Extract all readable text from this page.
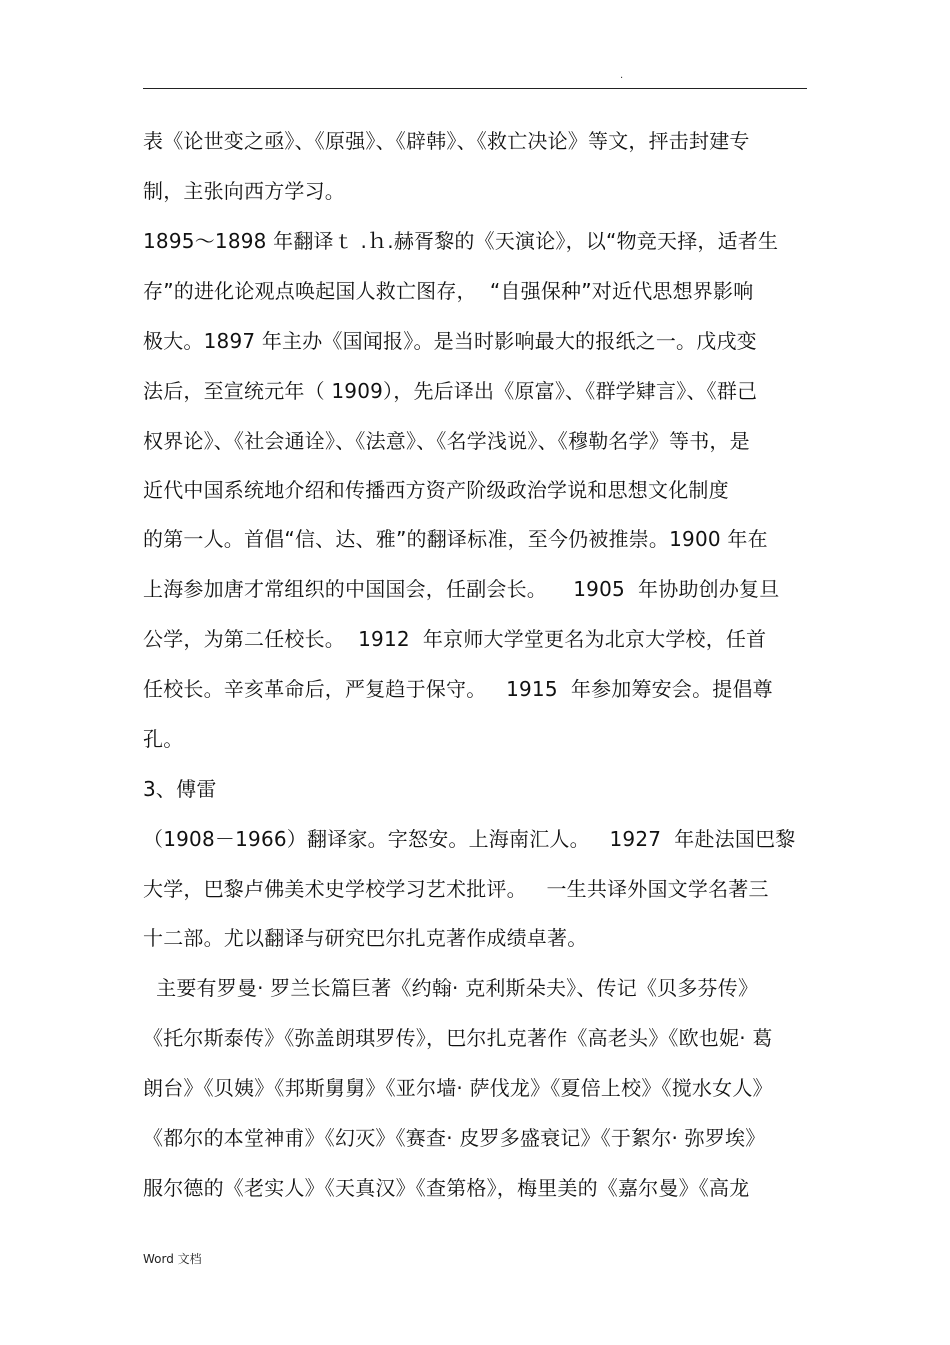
.
表《论世变之亟》、《原强》、《辟韩》、《救亡决论》等文，抨击封建专
制，主张向西方学习。
1895～1898 年翻译ｔ .ｈ.赫胥黎的《天演论》，以“物竞天择，适者生
存”的进化论观点唤起国人救亡图存，  “自强保种”对近代思想界影响
极大。1897 年主办《国闻报》。是当时影响最大的报纸之一。戊戌变
法后，至宣统元年（ 1909），先后译出《原富》、《群学肄言》、《群己
权界论》、《社会通诠》、《法意》、《名学浅说》、《穆勒名学》等书，是
近代中国系统地介绍和传播西方资产阶级政治学说和思想文化制度
的第一人。首倡“信、达、雅”的翻译标准，至今仍被推崇。1900 年在
上海参加唐才常组织的中国国会，任副会长。    1905  年协助创办复旦
公学，为第二任校长。  1912  年京师大学堂更名为北京大学校，任首
任校长。辛亥革命后，严复趋于保守。   1915  年参加筹安会。提倡尊
孔。
3、傅雷
（1908－1966）翻译家。字怒安。上海南汇人。   1927  年赴法国巴黎
大学，巴黎卢佛美术史学校学习艺术批评。   一生共译外国文学名著三
十二部。尤以翻译与研究巴尔扎克著作成绩卓著。
主要有罗曼· 罗兰长篇巨著《约翰· 克利斯朵夫》、传记《贝多芬传》
《托尔斯泰传》《弥盖朗琪罗传》，巴尔扎克著作《高老头》《欧也妮· 葛
朗台》《贝姨》《邦斯舅舅》《亚尔墙· 萨伐龙》《夏倍上校》《搅水女人》
《都尔的本堂神甫》《幻灭》《赛查· 皮罗多盛衰记》《于絮尔· 弥罗埃》
服尔德的《老实人》《天真汉》《查第格》，梅里美的《嘉尔曼》《高龙
Word 文档
